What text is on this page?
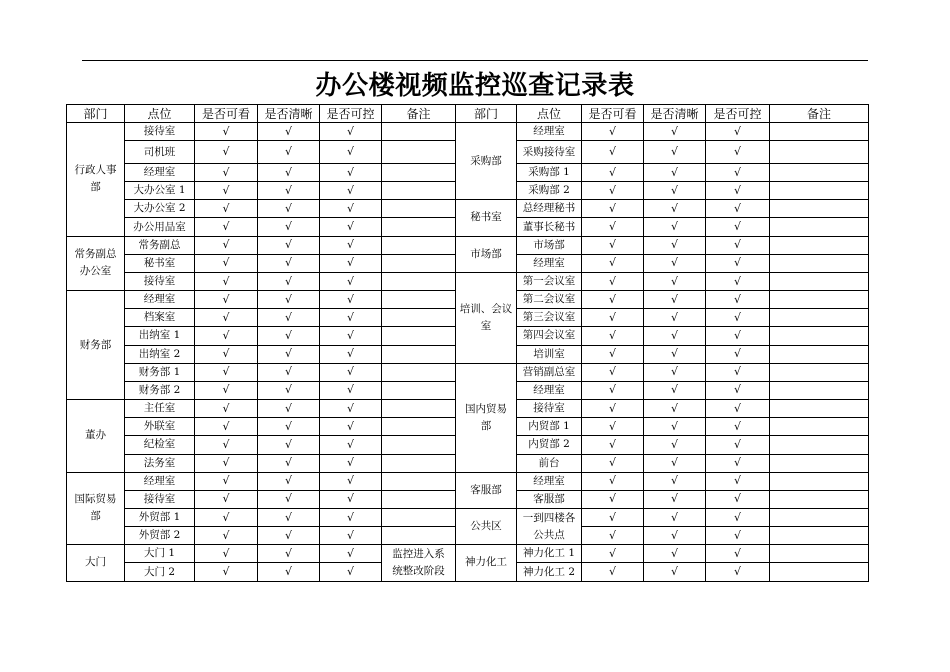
办公楼视频监控巡查记录表
部门	点位	是否可看	是否清晰	是否可控	备注	部门	点位	是否可看	是否清晰	是否可控	备注

行政人事
部	接待室	√	√	√		采购部	经理室	√	√	√	

	司机班	√	√	√			采购接待室	√	√	√	

	经理室	√	√	√			采购部 1	√	√	√	

	大办公室 1	√	√	√			采购部 2	√	√	√	

	大办公室 2	√	√	√		秘书室	总经理秘书	√	√	√	

	办公用品室	√	√	√			董事长秘书	√	√	√	

常务副总
办公室	常务副总	√	√	√		市场部	市场部	√	√	√	

	秘书室	√	√	√			经理室	√	√	√	

	接待室	√	√	√		培训、会议
室	第一会议室	√	√	√	

财务部	经理室	√	√	√			第二会议室	√	√	√	

	档案室	√	√	√			第三会议室	√	√	√	

	出纳室 1	√	√	√			第四会议室	√	√	√	

	出纳室 2	√	√	√			培训室	√	√	√	

	财务部 1	√	√	√		国内贸易
部	营销副总室	√	√	√	

	财务部 2	√	√	√			经理室	√	√	√	

董办	主任室	√	√	√			接待室	√	√	√	

	外联室	√	√	√			内贸部 1	√	√	√	

	纪检室	√	√	√			内贸部 2	√	√	√	

	法务室	√	√	√			前台	√	√	√	

国际贸易
部	经理室	√	√	√		客服部	经理室	√	√	√	

	接待室	√	√	√			客服部	√	√	√	

	外贸部 1	√	√	√		公共区	一到四楼各
公共点	√	√	√	

	外贸部 2	√	√	√				√	√	√	

大门	大门 1	√	√	√	监控进入系
统整改阶段	神力化工	神力化工 1	√	√	√	

	大门 2	√	√	√			神力化工 2	√	√	√	
